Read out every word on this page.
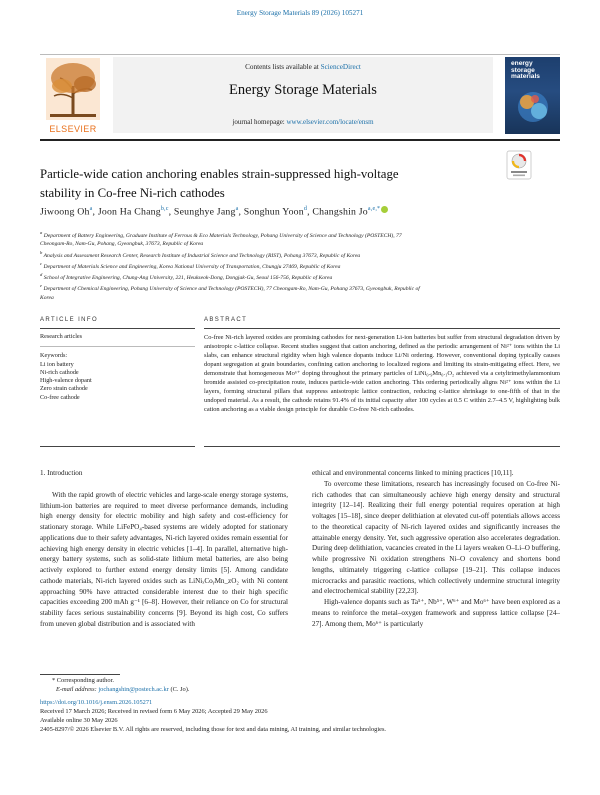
Energy Storage Materials 89 (2026) 105271
ELSEVIER
Contents lists available at ScienceDirect
Energy Storage Materials
journal homepage: www.elsevier.com/locate/ensm
energy
storage
materials
Particle-wide cation anchoring enables strain-suppressed high-voltage
stability in Co-free Ni-rich cathodes
Jiwoong Oh$^a$, Joon Ha Chang$^{b,c}$, Seunghye Jang$^a$, Songhun Yoon$^d$, Changshin $Jo^{a,e,*}$

$^a$ Department of Battery Engineering, Graduate Institute of Ferrous & Eco Materials Technology, Pohang University of Science and Technology (POSTECH), 77

Cheongam-Ro, Nam-Gu, Pohang, Gyeongbuk, 37673, Republic of Korea

$^b$ Analysis and Assessment Research Center, Research Institute of Industrial Science and Technology (RIST), Pohang 37673, Republic of Korea

$^c$ Department of Materials Science and Engineering, Korea National University of Transportation, Chungju 27469, Republic of Korea

$^d$ School of Integrative Engineering, Chung-Ang University, 221, Heukseok-Dong, Dongjak-Gu, Seoul 156-756, Republic of Korea

$^e$ Department of Chemical Engineering, Pohang University of Science and Technology (POSTECH), 77 Cheongam-Ro, Nam-Gu, Pohang 37673, Gyeongbuk, Republic of

Korea

ARTICLE INFO	ABSTRACT
Research articles
Keywords:
Li ion battery
Ni-rich cathode
High-valence dopant
Zero strain cathode
Co-free cathode
Co-free Ni-rich layered oxides are promising cathodes for next-generation Li-ion batteries but suffer from structural degradation driven by anisotropic c-lattice collapse. Recent studies suggest that cation anchoring, defined as the periodic arrangement of Ni²⁺ ions within the Li slabs, can enhance structural rigidity when high valence dopants induce Li/Ni ordering. However, conventional doping typically causes dopant segregation at grain boundaries, confining cation anchoring to localized regions and limiting its strain-mitigating effect. Here, we demonstrate that homogeneous Mo⁶⁺ doping throughout the primary particles of LiNi₀.₉Mn₀.₁O₂ achieved via a cetyltrimethylammonium bromide assisted co-precipitation route, induces particle-wide cation anchoring. This ordering periodically aligns Ni²⁺ ions within the Li layers, forming structural pillars that suppress anisotropic lattice contraction, reducing c-lattice shrinkage to one-fifth of that in the undoped material. As a result, the cathode retains 91.4% of its initial capacity after 100 cycles at 0.5 C within 2.7–4.5 V, highlighting bulk cation anchoring as a viable design principle for durable Co-free Ni-rich cathodes.

1. Introduction

With the rapid growth of electric vehicles and large-scale energy storage systems, lithium-ion batteries are required to meet diverse performance demands, including high energy density for electric mobility and high safety and cost-efficiency for stationary storage. While LiFePO₄-based systems are widely adopted for stationary applications due to their safety advantages, Ni-rich layered oxides remain essential for achieving high energy density in electric vehicles [1–4]. In parallel, alternative high-energy battery systems, such as solid-state lithium metal batteries, are also being actively explored to further extend energy density limits [5]. Among candidate cathode materials, Ni-rich layered oxides such as LiNiₓCoᵧMn_zO₂ with Ni content approaching 90% have attracted considerable interest due to their high specific capacities exceeding 200 mAh g⁻¹ [6–8]. However, their reliance on Co for structural stability faces serious sustainability concerns [9]. Beyond its high cost, Co suffers from uneven global distribution and is associated with

ethical and environmental concerns linked to mining practices [10,11].

To overcome these limitations, research has increasingly focused on Co-free Ni-rich cathodes that can simultaneously achieve high energy density and structural integrity [12–14]. Realizing their full energy potential requires operation at high voltages [15–18], since deeper delithiation at elevated cut-off potentials allows access to the theoretical capacity of Ni-rich layered oxides and significantly increases the attainable energy density. Yet, such aggressive operation also accelerates degradation. During deep delithiation, vacancies created in the Li layers weaken O–Li–O buffering, while progressive Ni oxidation strengthens Ni–O covalency and shortens bond lengths, ultimately triggering c-lattice collapse [19–21]. This collapse induces microcracks and parasitic reactions, which collectively undermine structural integrity and electrochemical stability [22,23].

High-valence dopants such as Ta⁵⁺, Nb⁵⁺, W⁶⁺ and Mo⁶⁺ have been explored as a means to reinforce the metal–oxygen framework and suppress lattice collapse [24–27]. Among them, Mo⁶⁺ is particularly

* Corresponding author.

E-mail address: jochangshin@postech.ac.kr (C. Jo).

https://doi.org/10.1016/j.ensm.2026.105271

Received 17 March 2026; Received in revised form 6 May 2026; Accepted 29 May 2026

Available online 30 May 2026

2405-8297/© 2026 Elsevier B.V. All rights are reserved, including those for text and data mining, AI training, and similar technologies.
